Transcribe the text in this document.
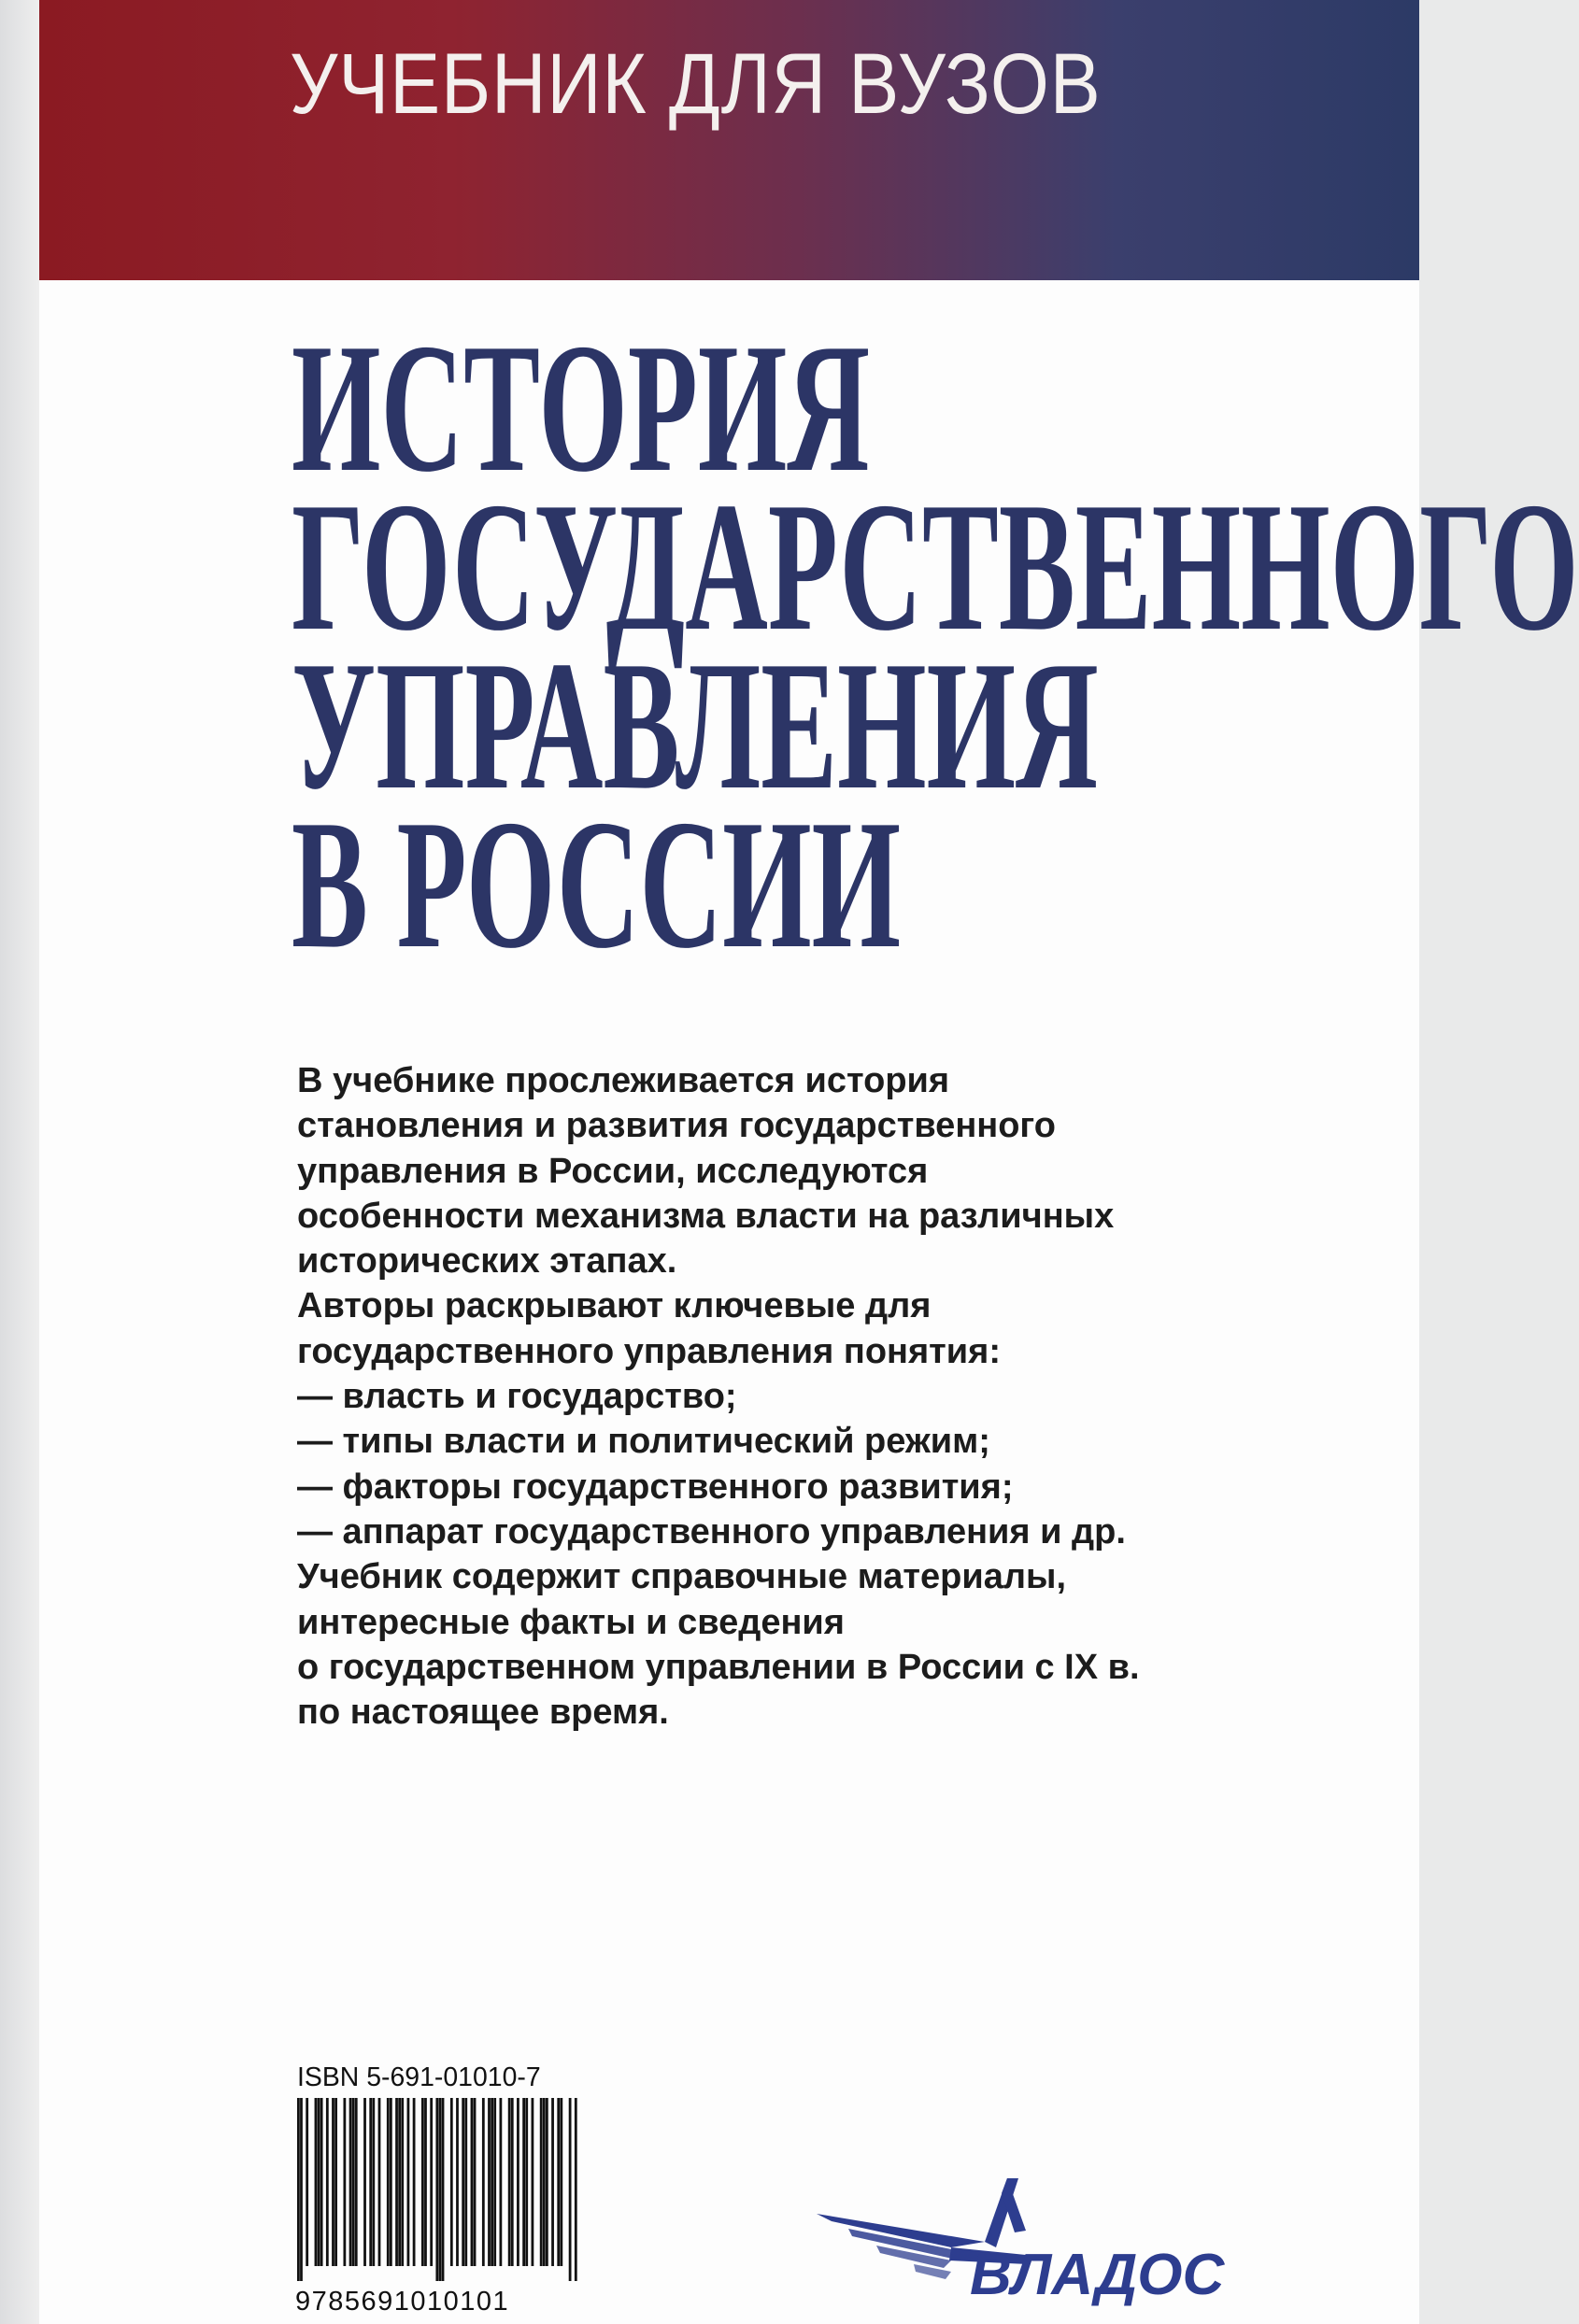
УЧЕБНИК ДЛЯ ВУЗОВ
ИСТОРИЯ
ГОСУДАРСТВЕННОГО
УПРАВЛЕНИЯ
В РОССИИ
В учебнике прослеживается история
становления и развития государственного
управления в России, исследуются
особенности механизма власти на различных
исторических этапах.
Авторы раскрывают ключевые для
государственного управления понятия:
— власть и государство;
— типы власти и политический режим;
— факторы государственного развития;
— аппарат государственного управления и др.
Учебник содержит справочные материалы,
интересные факты и сведения
о государственном управлении в России с IX в.
по настоящее время.
ISBN 5-691-01010-7
9785691010101	ВЛАДОС
